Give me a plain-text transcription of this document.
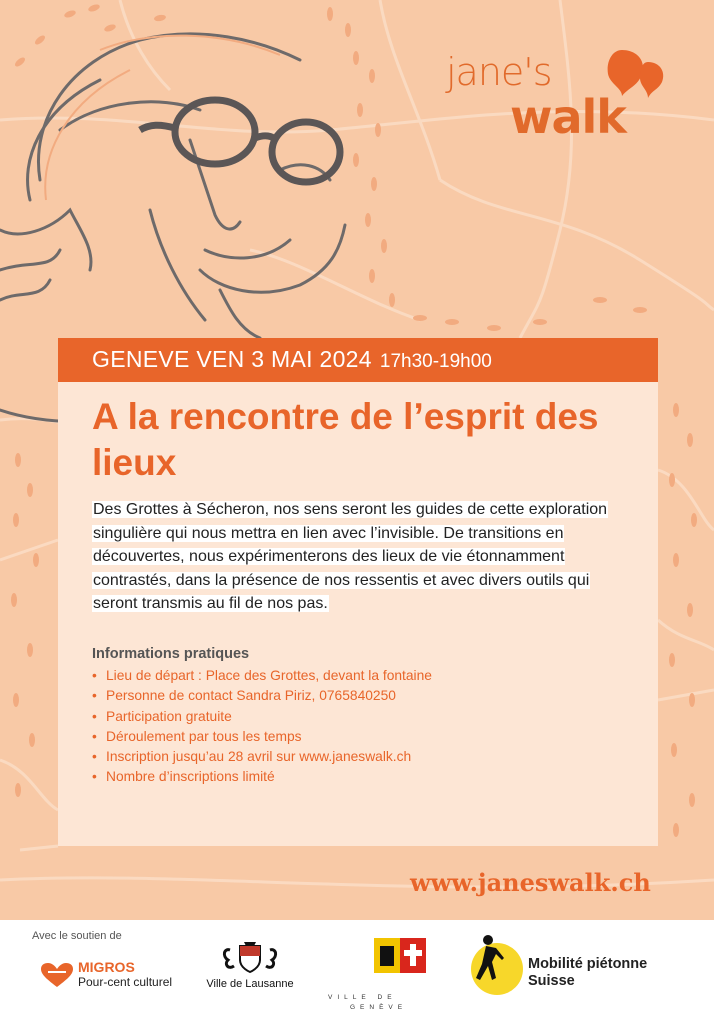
jane's
walk
GENEVE VEN 3 MAI 2024 17h30-19h00
A la rencontre de l’esprit des lieux
Des Grottes à Sécheron, nos sens seront les guides de cette exploration singulière qui nous mettra en lien avec l’invisible. De transitions en découvertes, nous expérimenterons des lieux de vie étonnamment contrastés, dans la présence de nos ressentis et avec divers outils qui seront transmis au fil de nos pas.
Informations pratiques
• Lieu de départ : Place des Grottes, devant la fontaine
• Personne de contact Sandra Piriz, 0765840250
• Participation gratuite
• Déroulement par tous les temps
• Inscription jusqu’au 28 avril sur www.janeswalk.ch
• Nombre d’inscriptions limité
www.janeswalk.ch
Avec le soutien de
MIGROS
Pour-cent culturel	Ville de Lausanne
VILLE DE
GENÈVE
Mobilité piétonne
Suisse
